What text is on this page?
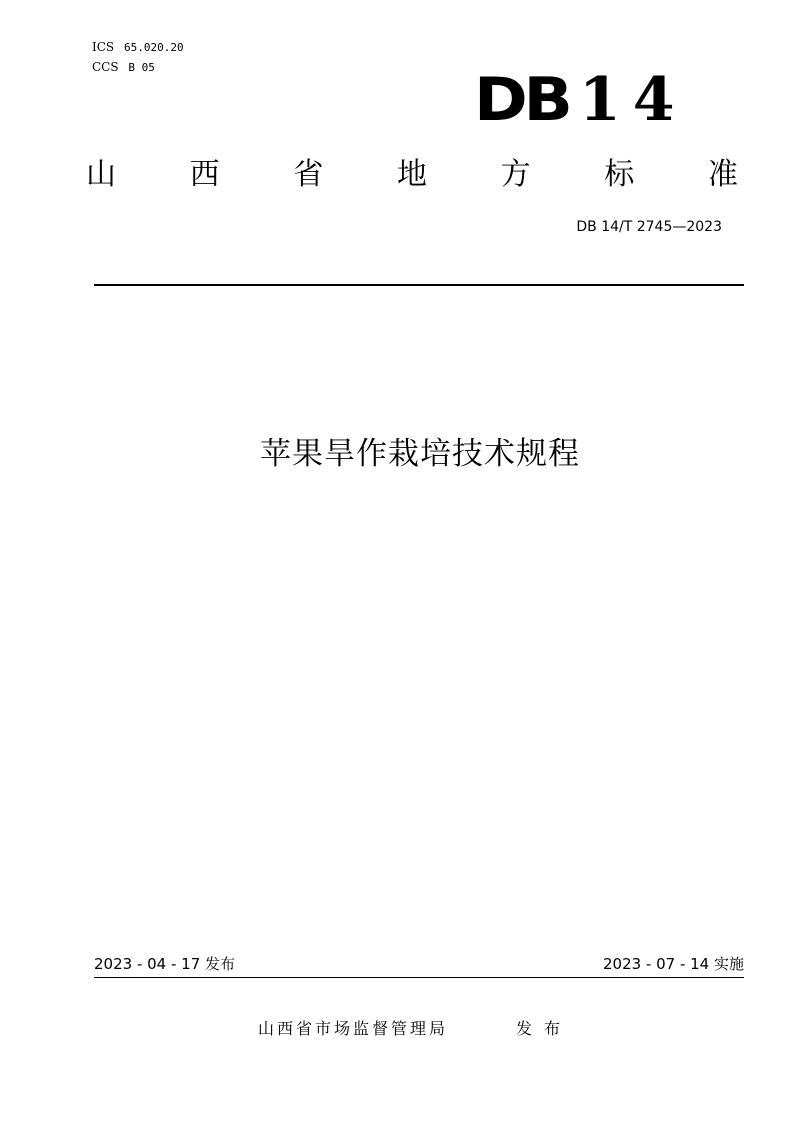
ICS 65.020.20
CCS B 05	DB 14
山 西 省 地 方 标 准
DB 14/T 2745—2023
苹果旱作栽培技术规程
2023 - 04 - 17 发布	2023 - 07 - 14 实施
山西省市场监督管理局	发布
